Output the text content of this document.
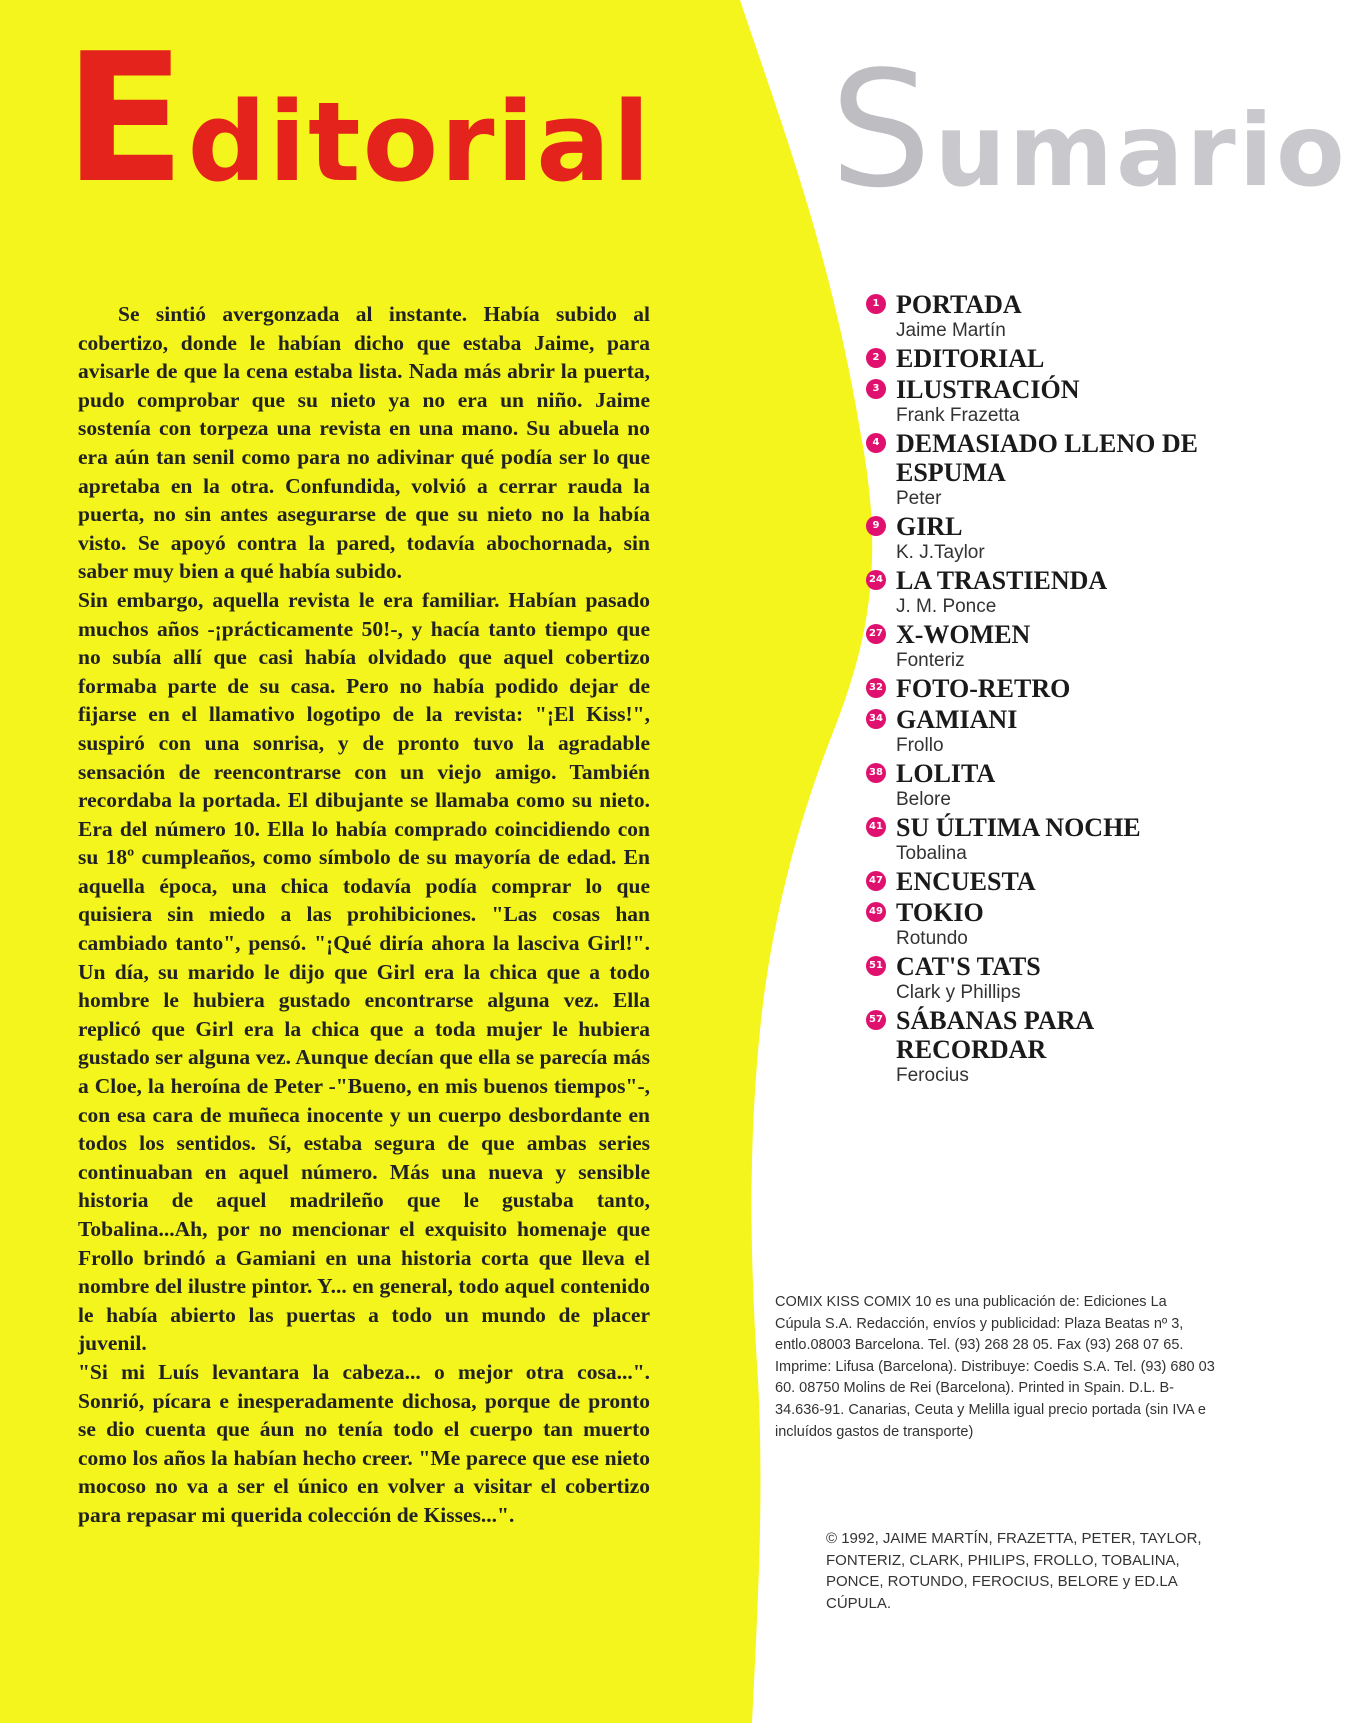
Editorial Sumario

Se sintió avergonzada al instante. Había subido al cobertizo, donde le habían dicho que estaba Jaime, para avisarle de que la cena estaba lista. Nada más abrir la puerta, pudo comprobar que su nieto ya no era un niño. Jaime sostenía con torpeza una revista en una mano. Su abuela no era aún tan senil como para no adivinar qué podía ser lo que apretaba en la otra. Confundida, volvió a cerrar rauda la puerta, no sin antes asegurarse de que su nieto no la había visto. Se apoyó contra la pared, todavía abochornada, sin saber muy bien a qué había subido.

Sin embargo, aquella revista le era familiar. Habían pasado muchos años -¡prácticamente 50!-, y hacía tanto tiempo que no subía allí que casi había olvidado que aquel cobertizo formaba parte de su casa. Pero no había podido dejar de fijarse en el llamativo logotipo de la revista: "¡El Kiss!", suspiró con una sonrisa, y de pronto tuvo la agradable sensación de reencontrarse con un viejo amigo. También recordaba la portada. El dibujante se llamaba como su nieto. Era del número 10. Ella lo había comprado coincidiendo con su 18º cumpleaños, como símbolo de su mayoría de edad. En aquella época, una chica todavía podía comprar lo que quisiera sin miedo a las prohibiciones. "Las cosas han cambiado tanto", pensó. "¡Qué diría ahora la lasciva Girl!". Un día, su marido le dijo que Girl era la chica que a todo hombre le hubiera gustado encontrarse alguna vez. Ella replicó que Girl era la chica que a toda mujer le hubiera gustado ser alguna vez. Aunque decían que ella se parecía más a Cloe, la heroína de Peter -"Bueno, en mis buenos tiempos"-, con esa cara de muñeca inocente y un cuerpo desbordante en todos los sentidos. Sí, estaba segura de que ambas series continuaban en aquel número. Más una nueva y sensible historia de aquel madrileño que le gustaba tanto, Tobalina...Ah, por no mencionar el exquisito homenaje que Frollo brindó a Gamiani en una historia corta que lleva el nombre del ilustre pintor. Y... en general, todo aquel contenido le había abierto las puertas a todo un mundo de placer juvenil.

"Si mi Luís levantara la cabeza... o mejor otra cosa...". Sonrió, pícara e inesperadamente dichosa, porque de pronto se dio cuenta que áun no tenía todo el cuerpo tan muerto como los años la habían hecho creer. "Me parece que ese nieto mocoso no va a ser el único en volver a visitar el cobertizo para repasar mi querida colección de Kisses...".

1 PORTADA
Jaime Martín
2 EDITORIAL
3 ILUSTRACIÓN
Frank Frazetta
4 DEMASIADO LLENO DE ESPUMA
Peter
9 GIRL
K. J.Taylor
24 LA TRASTIENDA
J. M. Ponce
27 X-WOMEN
Fonteriz
32 FOTO-RETRO
34 GAMIANI
Frollo
38 LOLITA
Belore
41 SU ÚLTIMA NOCHE
Tobalina
47 ENCUESTA
49 TOKIO
Rotundo
51 CAT'S TATS
Clark y Phillips
57 SÁBANAS PARA RECORDAR
Ferocius
COMIX KISS COMIX 10 es una publicación de: Ediciones La Cúpula S.A. Redacción, envíos y publicidad: Plaza Beatas nº 3, entlo.08003 Barcelona. Tel. (93) 268 28 05. Fax (93) 268 07 65. Imprime: Lifusa (Barcelona). Distribuye: Coedis S.A. Tel. (93) 680 03 60. 08750 Molins de Rei (Barcelona). Printed in Spain. D.L. B- 34.636-91. Canarias, Ceuta y Melilla igual precio portada (sin IVA e incluídos gastos de transporte)
© 1992, JAIME MARTÍN, FRAZETTA, PETER, TAYLOR, FONTERIZ, CLARK, PHILIPS, FROLLO, TOBALINA, PONCE, ROTUNDO, FEROCIUS, BELORE y ED.LA CÚPULA.
